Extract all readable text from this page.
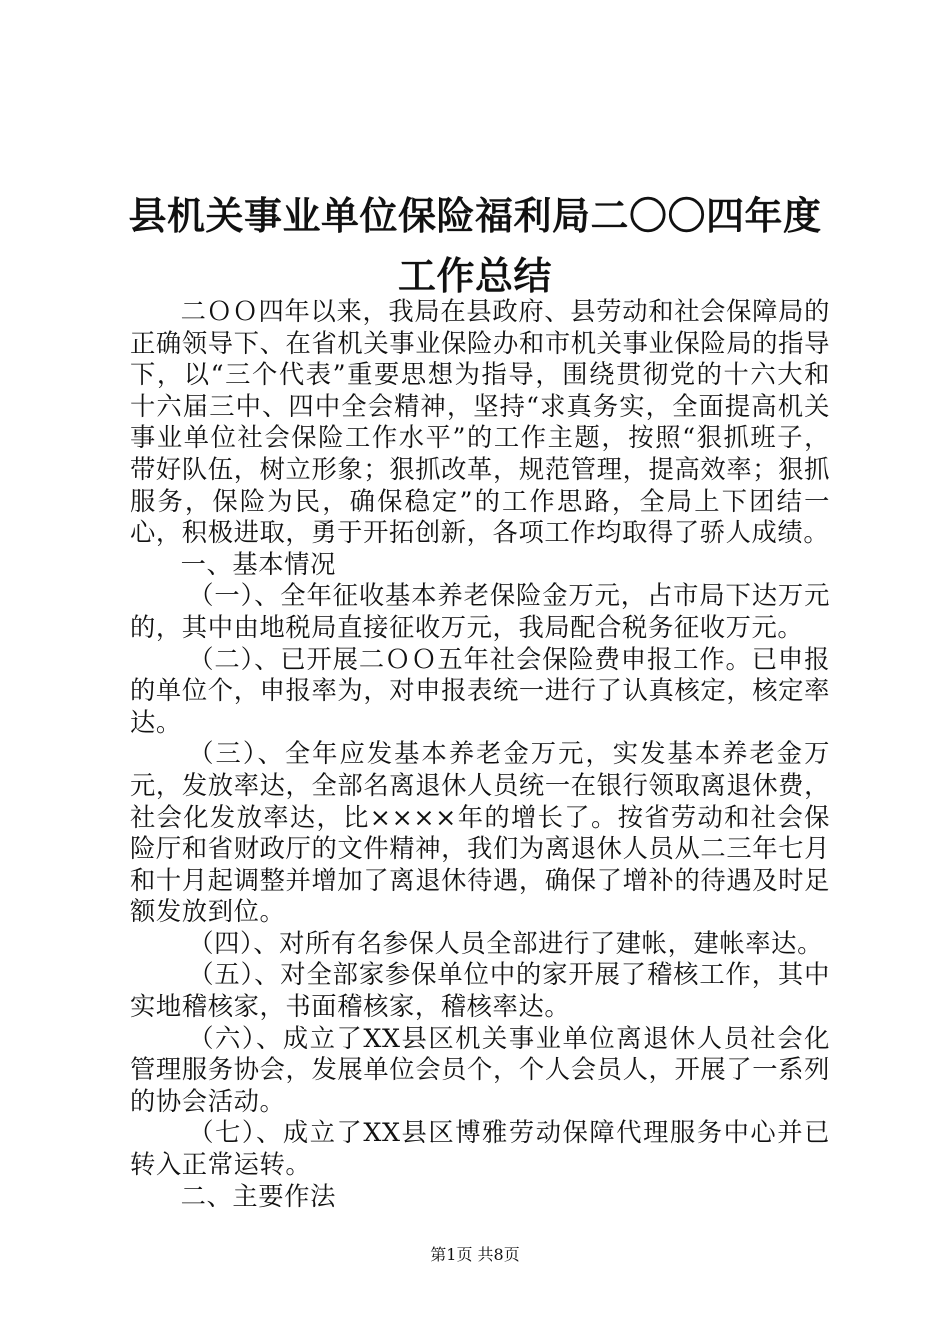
县机关事业单位保险福利局二〇〇四年度工作总结

二ＯＯ四年以来，我局在县政府、县劳动和社会保障局的正确领导下、在省机关事业保险办和市机关事业保险局的指导下，以“三个代表”重要思想为指导，围绕贯彻党的十六大和十六届三中、四中全会精神，坚持“求真务实，全面提高机关事业单位社会保险工作水平”的工作主题，按照“狠抓班子，带好队伍，树立形象；狠抓改革，规范管理，提高效率；狠抓服务，保险为民，确保稳定”的工作思路，全局上下团结一心，积极进取，勇于开拓创新，各项工作均取得了骄人成绩。

一、基本情况

（一）、全年征收基本养老保险金万元，占市局下达万元的，其中由地税局直接征收万元，我局配合税务征收万元。

（二）、已开展二ＯＯ五年社会保险费申报工作。已申报的单位个，申报率为，对申报表统一进行了认真核定，核定率达。

（三）、全年应发基本养老金万元，实发基本养老金万元，发放率达，全部名离退休人员统一在银行领取离退休费，社会化发放率达，比××××年的增长了。按省劳动和社会保险厅和省财政厅的文件精神，我们为离退休人员从二三年七月和十月起调整并增加了离退休待遇，确保了增补的待遇及时足额发放到位。

（四）、对所有名参保人员全部进行了建帐，建帐率达。

（五）、对全部家参保单位中的家开展了稽核工作，其中实地稽核家，书面稽核家，稽核率达。

（六）、成立了XX县区机关事业单位离退休人员社会化管理服务协会，发展单位会员个，个人会员人，开展了一系列的协会活动。

（七）、成立了XX县区博雅劳动保障代理服务中心并已转入正常运转。

二、主要作法

第1页 共8页
